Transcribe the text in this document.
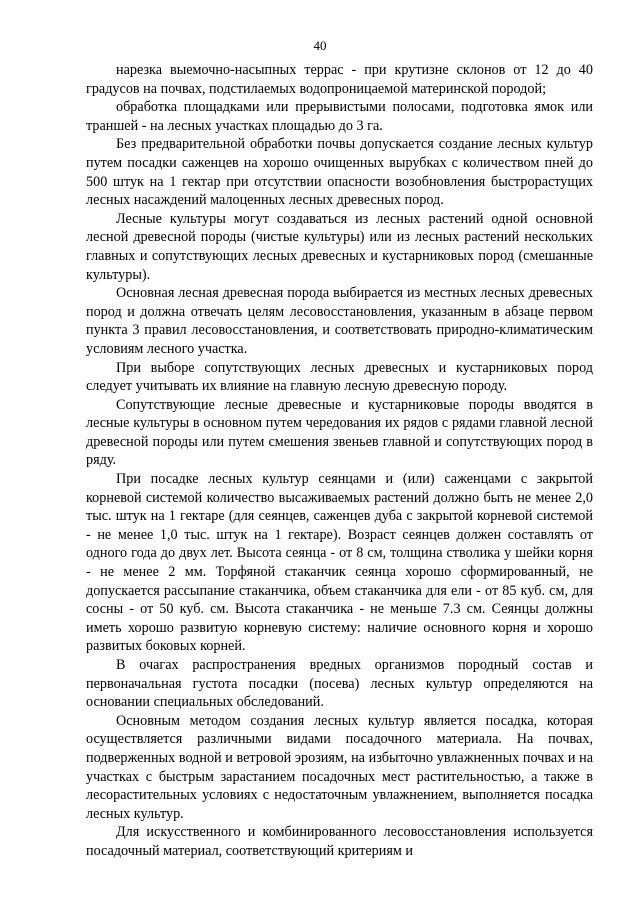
40

нарезка выемочно-насыпных террас - при крутизне склонов от 12 до 40 градусов на почвах, подстилаемых водопроницаемой материнской породой;

обработка площадками или прерывистыми полосами, подготовка ямок или траншей - на лесных участках площадью до 3 га.

Без предварительной обработки почвы допускается создание лесных культур путем посадки саженцев на хорошо очищенных вырубках с количеством пней до 500 штук на 1 гектар при отсутствии опасности возобновления быстрорастущих лесных насаждений малоценных лесных древесных пород.

Лесные культуры могут создаваться из лесных растений одной основной лесной древесной породы (чистые культуры) или из лесных растений нескольких главных и сопутствующих лесных древесных и кустарниковых пород (смешанные культуры).

Основная лесная древесная порода выбирается из местных лесных древесных пород и должна отвечать целям лесовосстановления, указанным в абзаце первом пункта 3 правил лесовосстановления, и соответствовать природно-климатическим условиям лесного участка.

При выборе сопутствующих лесных древесных и кустарниковых пород следует учитывать их влияние на главную лесную древесную породу.

Сопутствующие лесные древесные и кустарниковые породы вводятся в лесные культуры в основном путем чередования их рядов с рядами главной лесной древесной породы или путем смешения звеньев главной и сопутствующих пород в ряду.

При посадке лесных культур сеянцами и (или) саженцами с закрытой корневой системой количество высаживаемых растений должно быть не менее 2,0 тыс. штук на 1 гектаре (для сеянцев, саженцев дуба с закрытой корневой системой - не менее 1,0 тыс. штук на 1 гектаре). Возраст сеянцев должен составлять от одного года до двух лет. Высота сеянца - от 8 см, толщина стволика у шейки корня - не менее 2 мм. Торфяной стаканчик сеянца хорошо сформированный, не допускается рассыпание стаканчика, объем стаканчика для ели - от 85 куб. см, для сосны - от 50 куб. см. Высота стаканчика - не меньше 7.3 см. Сеянцы должны иметь хорошо развитую корневую систему: наличие основного корня и хорошо развитых боковых корней.

В очагах распространения вредных организмов породный состав и первоначальная густота посадки (посева) лесных культур определяются на основании специальных обследований.

Основным методом создания лесных культур является посадка, которая осуществляется различными видами посадочного материала. На почвах, подверженных водной и ветровой эрозиям, на избыточно увлажненных почвах и на участках с быстрым зарастанием посадочных мест растительностью, а также в лесорастительных условиях с недостаточным увлажнением, выполняется посадка лесных культур.

Для искусственного и комбинированного лесовосстановления используется посадочный материал, соответствующий критериям и
